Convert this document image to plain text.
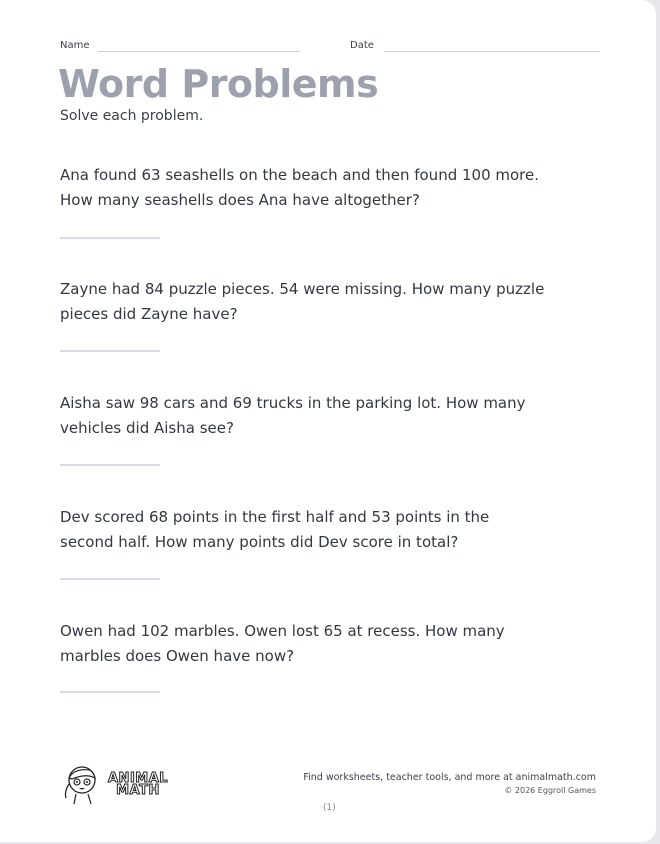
Name	Date
Word Problems
Solve each problem.
Ana found 63 seashells on the beach and then found 100 more. How many seashells does Ana have altogether?
Zayne had 84 puzzle pieces. 54 were missing. How many puzzle pieces did Zayne have?
Aisha saw 98 cars and 69 trucks in the parking lot. How many vehicles did Aisha see?
Dev scored 68 points in the first half and 53 points in the second half. How many points did Dev score in total?
Owen had 102 marbles. Owen lost 65 at recess. How many marbles does Owen have now?
ANIMAL
MATH
Find worksheets, teacher tools, and more at animalmath.com
© 2026 Eggroll Games
(1)
